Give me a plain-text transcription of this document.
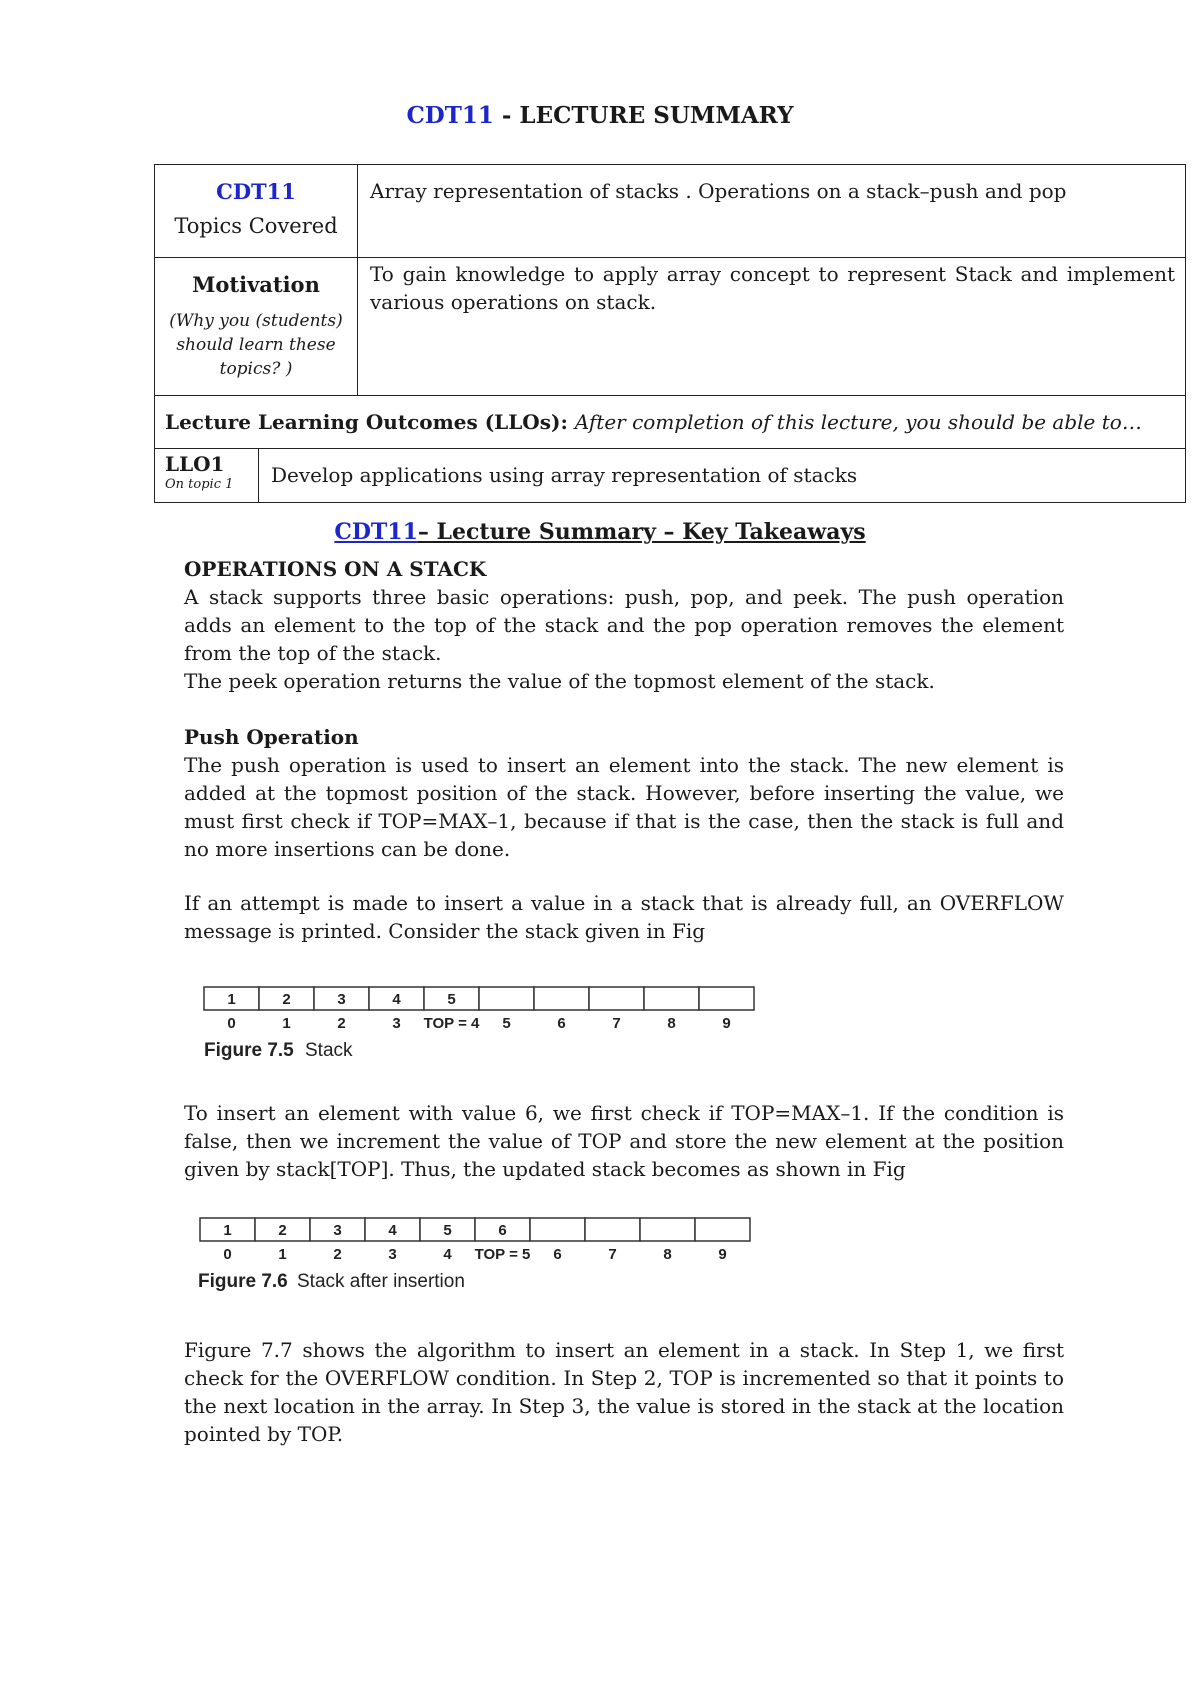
CDT11 - LECTURE SUMMARY
CDT11
Topics Covered		Array representation of stacks . Operations on a stack–push and pop

Motivation
(Why you (students) should learn these topics? )		To gain knowledge to apply array concept to represent Stack and implement various operations on stack.
Lecture Learning Outcomes (LLOs): After completion of this lecture, you should be able to…		
LLO1
On topic 1	Develop applications using array representation of stacks	
CDT11– Lecture Summary – Key Takeaways

OPERATIONS ON A STACK

A stack supports three basic operations: push, pop, and peek. The push operation adds an element to the top of the stack and the pop operation removes the element from the top of the stack.

The peek operation returns the value of the topmost element of the stack.

Push Operation

The push operation is used to insert an element into the stack. The new element is added at the topmost position of the stack. However, before inserting the value, we must first check if TOP=MAX–1, because if that is the case, then the stack is full and no more insertions can be done.

If an attempt is made to insert a value in a stack that is already full, an OVERFLOW message is printed. Consider the stack given in Fig

1	2	3	4	5
0	1	2	3 TOP = 4 5	6	7	8	9
Figure 7.5 Stack

To insert an element with value 6, we first check if TOP=MAX–1. If the condition is false, then we increment the value of TOP and store the new element at the position given by stack[TOP]. Thus, the updated stack becomes as shown in Fig

1	2	3	4	5	6
0	1	2	3	4 TOP = 5 6	7	8	9
Figure 7.6 Stack after insertion

Figure 7.7 shows the algorithm to insert an element in a stack. In Step 1, we first check for the OVERFLOW condition. In Step 2, TOP is incremented so that it points to the next location in the array. In Step 3, the value is stored in the stack at the location pointed by TOP.
